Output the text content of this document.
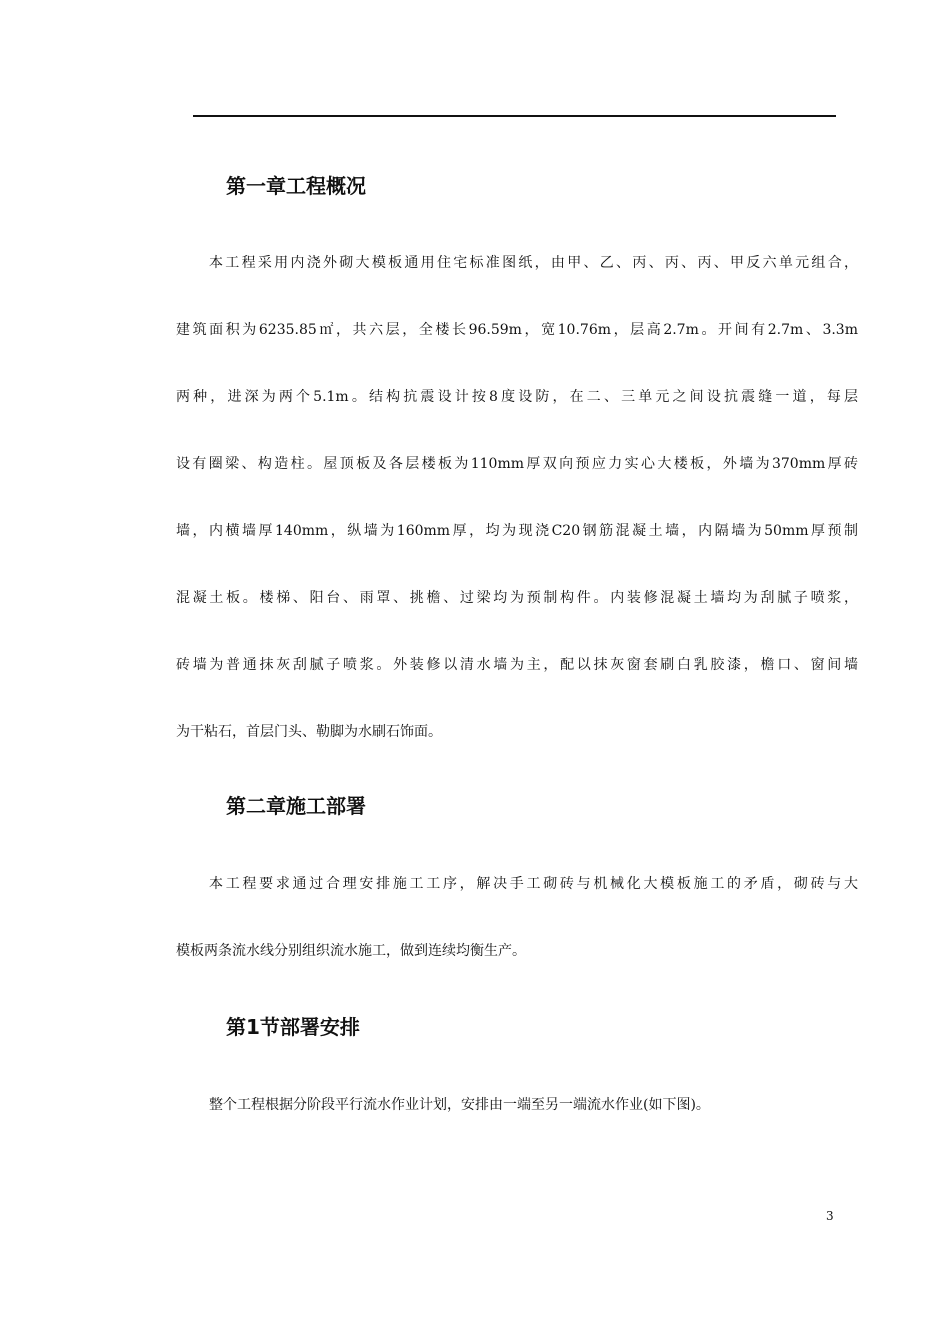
第一章工程概况
本工程采用内浇外砌大模板通用住宅标准图纸，由甲、乙、丙、丙、丙、甲反六单元组合，
建筑面积为6235.85㎡，共六层，全楼长96.59m，宽10.76m，层高2.7m。开间有2.7m、3.3m
两种，进深为两个5.1m。结构抗震设计按8度设防，在二、三单元之间设抗震缝一道，每层
设有圈梁、构造柱。屋顶板及各层楼板为110mm厚双向预应力实心大楼板，外墙为370mm厚砖
墙，内横墙厚140mm，纵墙为160mm厚，均为现浇C20钢筋混凝土墙，内隔墙为50mm厚预制
混凝土板。楼梯、阳台、雨罩、挑檐、过梁均为预制构件。内装修混凝土墙均为刮腻子喷浆，
砖墙为普通抹灰刮腻子喷浆。外装修以清水墙为主，配以抹灰窗套刷白乳胶漆，檐口、窗间墙
为干粘石，首层门头、勒脚为水刷石饰面。
第二章施工部署
本工程要求通过合理安排施工工序，解决手工砌砖与机械化大模板施工的矛盾，砌砖与大
模板两条流水线分别组织流水施工，做到连续均衡生产。
第1节部署安排
整个工程根据分阶段平行流水作业计划，安排由一端至另一端流水作业(如下图)。
3
